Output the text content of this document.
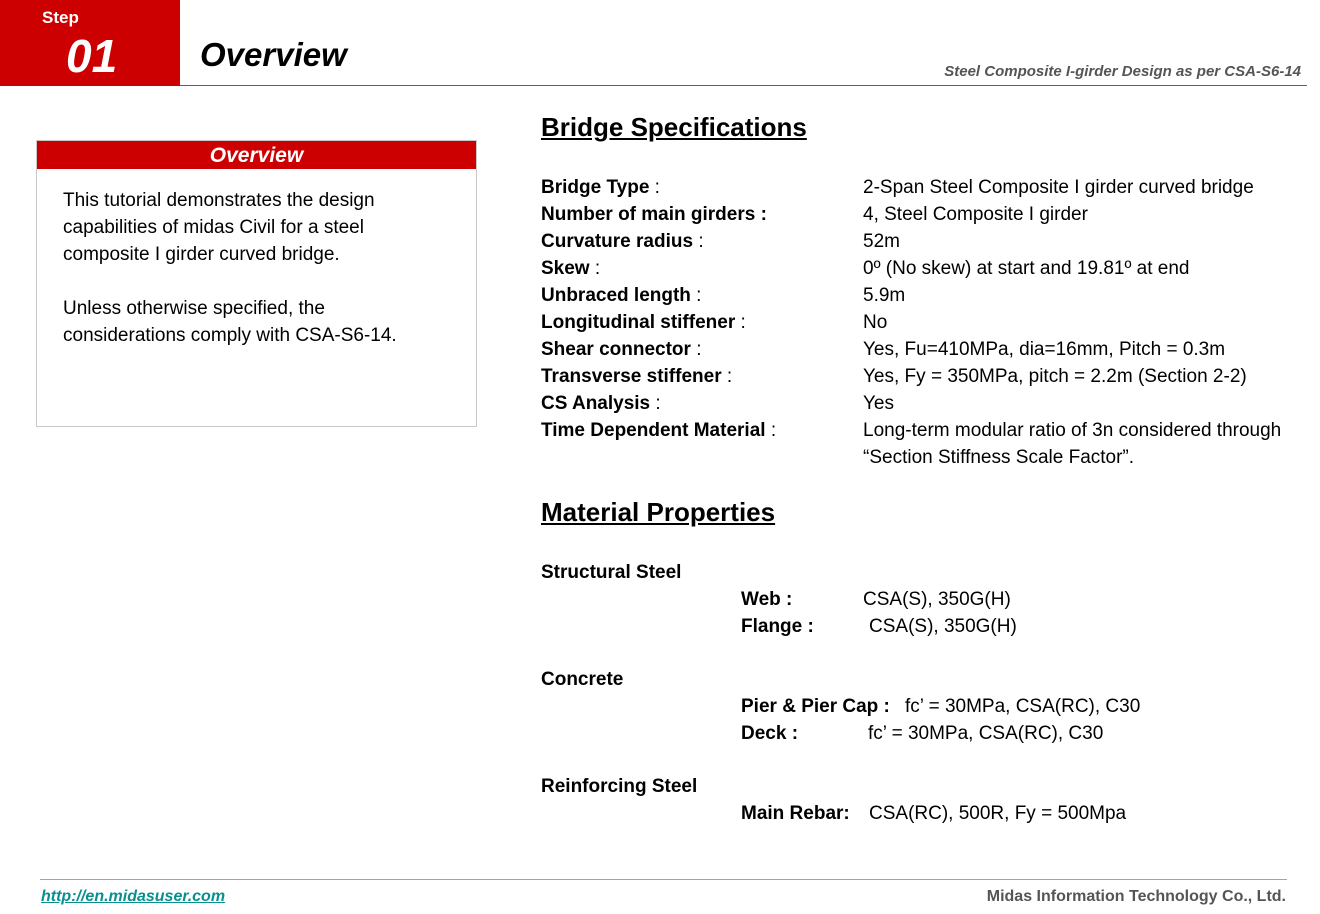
Step
01	Overview	Steel Composite I-girder Design as per CSA-S6-14
Overview

This tutorial demonstrates the design capabilities of midas Civil for a steel composite I girder curved bridge.

Unless otherwise specified, the considerations comply with CSA-S6-14.

Bridge Specifications
Bridge Type :	2-Span Steel Composite I girder curved bridge
Number of main girders :	4, Steel Composite I girder
Curvature radius :	52m
Skew :	0º (No skew) at start and 19.81º at end
Unbraced length :	5.9m
Longitudinal stiffener :	No
Shear connector :	Yes, Fu=410MPa, dia=16mm, Pitch = 0.3m
Transverse stiffener :	Yes, Fy = 350MPa, pitch = 2.2m (Section 2-2)
CS Analysis :	Yes
Time Dependent Material :	Long-term modular ratio of 3n considered through “Section Stiffness Scale Factor”.
Material Properties
Structural Steel
Web :	CSA(S), 350G(H)
Flange :	CSA(S), 350G(H)
Concrete
Pier & Pier Cap : fc’ = 30MPa, CSA(RC), C30
Deck :	fc’ = 30MPa, CSA(RC), C30
Reinforcing Steel
Main Rebar: CSA(RC), 500R, Fy = 500Mpa
http://en.midasuser.com	Midas Information Technology Co., Ltd.
